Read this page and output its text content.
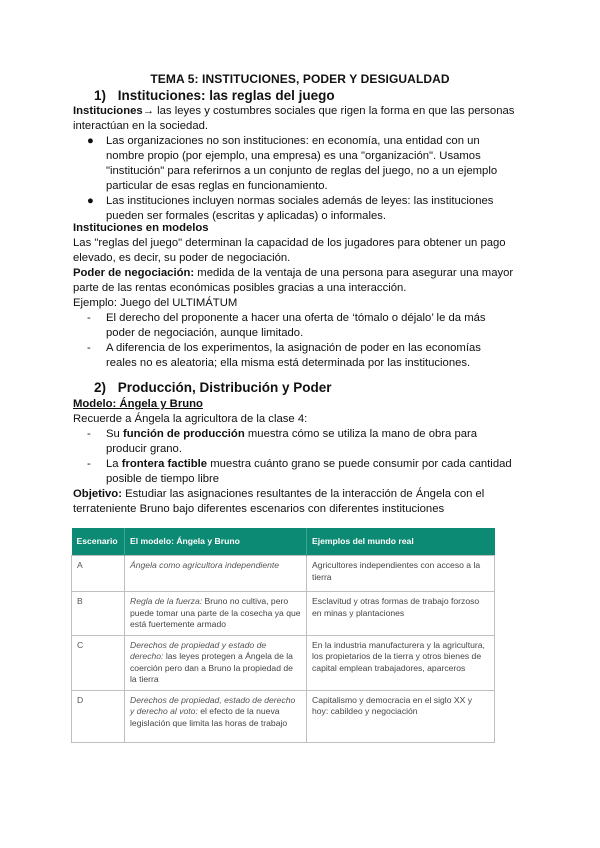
TEMA 5: INSTITUCIONES, PODER Y DESIGUALDAD
1) Instituciones: las reglas del juego
Instituciones→ las leyes y costumbres sociales que rigen la forma en que las personas interactúan en la sociedad.
● Las organizaciones no son instituciones: en economía, una entidad con un nombre propio (por ejemplo, una empresa) es una "organización". Usamos "institución" para referirnos a un conjunto de reglas del juego, no a un ejemplo particular de esas reglas en funcionamiento.
● Las instituciones incluyen normas sociales además de leyes: las instituciones pueden ser formales (escritas y aplicadas) o informales.
Instituciones en modelos
Las "reglas del juego" determinan la capacidad de los jugadores para obtener un pago elevado, es decir, su poder de negociación.
Poder de negociación: medida de la ventaja de una persona para asegurar una mayor parte de las rentas económicas posibles gracias a una interacción.
Ejemplo: Juego del ULTIMÁTUM
- El derecho del proponente a hacer una oferta de ‘tómalo o déjalo’ le da más poder de negociación, aunque limitado.
- A diferencia de los experimentos, la asignación de poder en las economías reales no es aleatoria; ella misma está determinada por las instituciones.
2) Producción, Distribución y Poder
Modelo: Ángela y Bruno
Recuerde a Ángela la agricultora de la clase 4:
- Su función de producción muestra cómo se utiliza la mano de obra para producir grano.
- La frontera factible muestra cuánto grano se puede consumir por cada cantidad posible de tiempo libre
Objetivo: Estudiar las asignaciones resultantes de la interacción de Ángela con el terrateniente Bruno bajo diferentes escenarios con diferentes instituciones
Escenario	El modelo: Ángela y Bruno	Ejemplos del mundo real
A	Ángela como agricultora independiente	Agricultores independientes con acceso a la tierra
B	Regla de la fuerza: Bruno no cultiva, pero puede tomar una parte de la cosecha ya que está fuertemente armado	Esclavitud y otras formas de trabajo forzoso en minas y plantaciones
C	Derechos de propiedad y estado de derecho: las leyes protegen a Ángela de la coerción pero dan a Bruno la propiedad de la tierra	En la industria manufacturera y la agricultura, los propietarios de la tierra y otros bienes de capital emplean trabajadores, aparceros
D	Derechos de propiedad, estado de derecho y derecho al voto: el efecto de la nueva legislación que limita las horas de trabajo	Capitalismo y democracia en el siglo XX y hoy: cabildeo y negociación
